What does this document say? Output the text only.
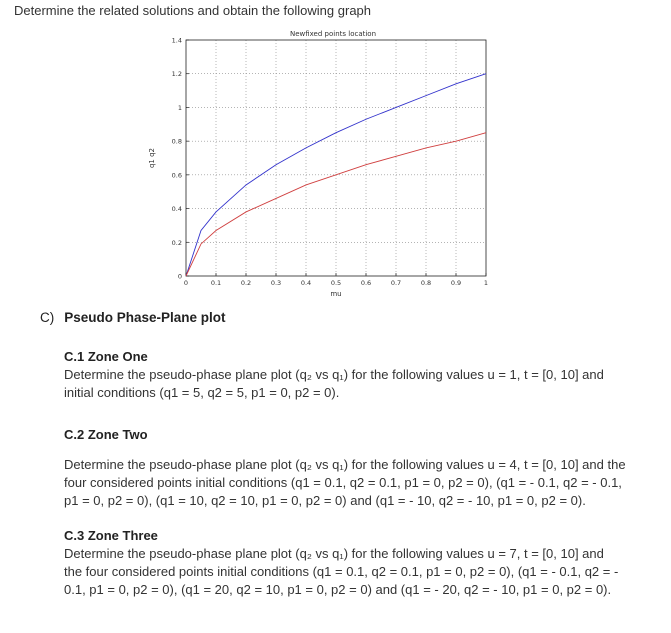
Determine the related solutions and obtain the following graph
Newfixed points location
0	0.1	0.2	0.3	0.4	0.5	0.6	0.7	0.8	0.9	1
0
0.2
0.4
0.6
0.8
1
1.2
1.4
mu
q1 q2
C) Pseudo Phase-Plane plot
C.1 Zone One

Determine the pseudo-phase plane plot (q₂ vs q₁) for the following values u = 1, t = [0, 10] and

initial conditions (q1 = 5, q2 = 5, p1 = 0, p2 = 0).

C.2 Zone Two

Determine the pseudo-phase plane plot (q₂ vs q₁) for the following values u = 4, t = [0, 10] and the

four considered points initial conditions (q1 = 0.1, q2 = 0.1, p1 = 0, p2 = 0), (q1 = - 0.1, q2 = - 0.1,

p1 = 0, p2 = 0), (q1 = 10, q2 = 10, p1 = 0, p2 = 0) and (q1 = - 10, q2 = - 10, p1 = 0, p2 = 0).

C.3 Zone Three

Determine the pseudo-phase plane plot (q₂ vs q₁) for the following values u = 7, t = [0, 10] and

the four considered points initial conditions (q1 = 0.1, q2 = 0.1, p1 = 0, p2 = 0), (q1 = - 0.1, q2 = -

0.1, p1 = 0, p2 = 0), (q1 = 20, q2 = 10, p1 = 0, p2 = 0) and (q1 = - 20, q2 = - 10, p1 = 0, p2 = 0).
